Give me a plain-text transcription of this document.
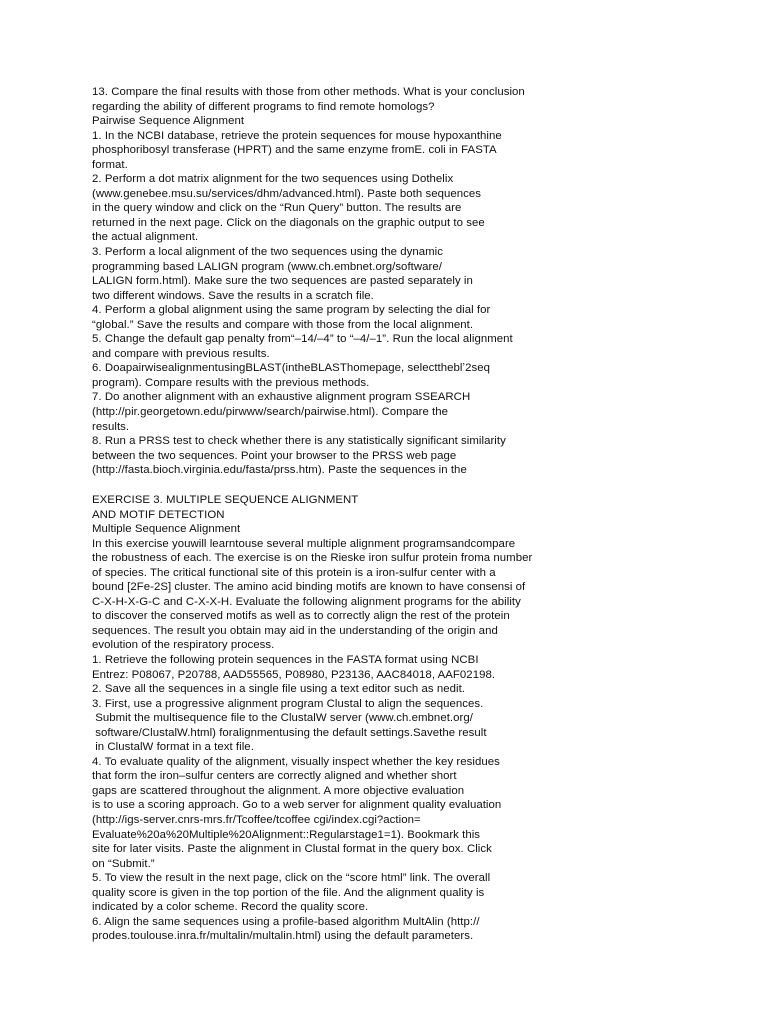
13. Compare the final results with those from other methods. What is your conclusion
regarding the ability of different programs to find remote homologs?
Pairwise Sequence Alignment
1. In the NCBI database, retrieve the protein sequences for mouse hypoxanthine
phosphoribosyl transferase (HPRT) and the same enzyme fromE. coli in FASTA
format.
2. Perform a dot matrix alignment for the two sequences using Dothelix
(www.genebee.msu.su/services/dhm/advanced.html). Paste both sequences
in the query window and click on the “Run Query” button. The results are
returned in the next page. Click on the diagonals on the graphic output to see
the actual alignment.
3. Perform a local alignment of the two sequences using the dynamic
programming based LALIGN program (www.ch.embnet.org/software/
LALIGN form.html). Make sure the two sequences are pasted separately in
two different windows. Save the results in a scratch file.
4. Perform a global alignment using the same program by selecting the dial for
“global.” Save the results and compare with those from the local alignment.
5. Change the default gap penalty from“–14/–4” to “–4/–1”. Run the local alignment
and compare with previous results.
6. DoapairwisealignmentusingBLAST(intheBLASThomepage, selecttheblʼ2seq
program). Compare results with the previous methods.
7. Do another alignment with an exhaustive alignment program SSEARCH
(http://pir.georgetown.edu/pirwww/search/pairwise.html). Compare the
results.
8. Run a PRSS test to check whether there is any statistically significant similarity
between the two sequences. Point your browser to the PRSS web page
(http://fasta.bioch.virginia.edu/fasta/prss.htm). Paste the sequences in the
EXERCISE 3. MULTIPLE SEQUENCE ALIGNMENT
AND MOTIF DETECTION
Multiple Sequence Alignment
In this exercise youwill learntouse several multiple alignment programsandcompare
the robustness of each. The exercise is on the Rieske iron sulfur protein froma number
of species. The critical functional site of this protein is a iron-sulfur center with a
bound [2Fe-2S] cluster. The amino acid binding motifs are known to have consensi of
C-X-H-X-G-C and C-X-X-H. Evaluate the following alignment programs for the ability
to discover the conserved motifs as well as to correctly align the rest of the protein
sequences. The result you obtain may aid in the understanding of the origin and
evolution of the respiratory process.
1. Retrieve the following protein sequences in the FASTA format using NCBI
Entrez: P08067, P20788, AAD55565, P08980, P23136, AAC84018, AAF02198.
2. Save all the sequences in a single file using a text editor such as nedit.
3. First, use a progressive alignment program Clustal to align the sequences.
Submit the multisequence file to the ClustalW server (www.ch.embnet.org/
software/ClustalW.html) foralignmentusing the default settings.Savethe result
in ClustalW format in a text file.
4. To evaluate quality of the alignment, visually inspect whether the key residues
that form the iron–sulfur centers are correctly aligned and whether short
gaps are scattered throughout the alignment. A more objective evaluation
is to use a scoring approach. Go to a web server for alignment quality evaluation
(http://igs-server.cnrs-mrs.fr/Tcoffee/tcoffee cgi/index.cgi?action=
Evaluate%20a%20Multiple%20Alignment::Regularstage1=1). Bookmark this
site for later visits. Paste the alignment in Clustal format in the query box. Click
on “Submit.”
5. To view the result in the next page, click on the “score html” link. The overall
quality score is given in the top portion of the file. And the alignment quality is
indicated by a color scheme. Record the quality score.
6. Align the same sequences using a profile-based algorithm MultAlin (http://
prodes.toulouse.inra.fr/multalin/multalin.html) using the default parameters.
